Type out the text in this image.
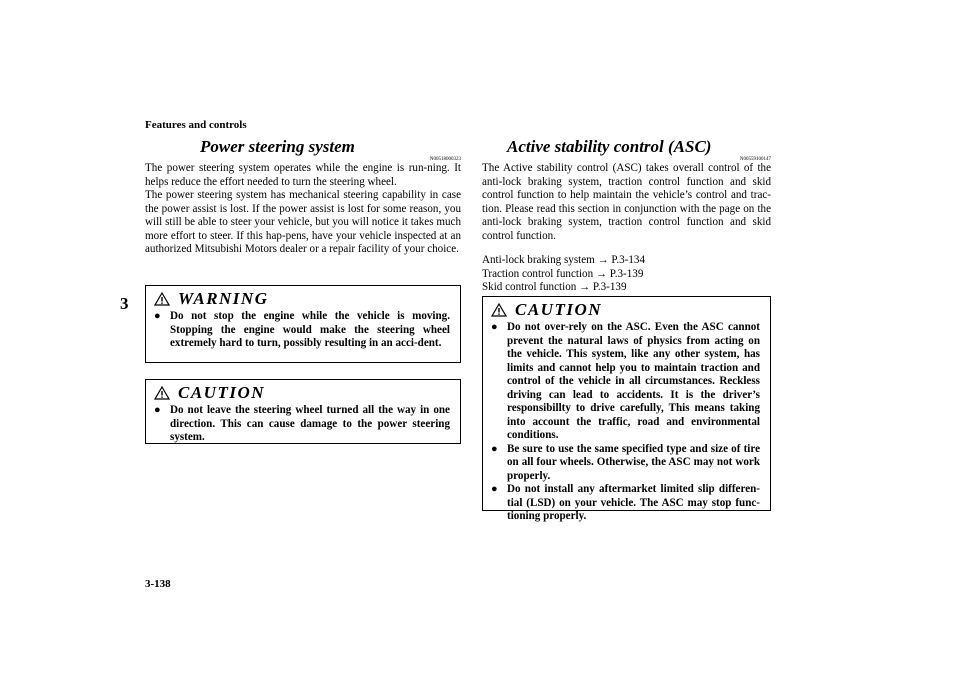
Features and controls
3
3-138
Power steering system
N00518000323
The power steering system operates while the engine is run-ning. It helps reduce the effort needed to turn the steering wheel.
The power steering system has mechanical steering capability in case the power assist is lost. If the power assist is lost for some reason, you will still be able to steer your vehicle, but you will notice it takes much more effort to steer. If this hap-pens, have your vehicle inspected at an authorized Mitsubishi Motors dealer or a repair facility of your choice.
WARNING
● Do not stop the engine while the vehicle is moving. Stopping the engine would make the steering wheel extremely hard to turn, possibly resulting in an acci-dent.
CAUTION
● Do not leave the steering wheel turned all the way in one direction. This can cause damage to the power steering system.
Active stability control (ASC)
N00559100147
The Active stability control (ASC) takes overall control of the anti-lock braking system, traction control function and skid control function to help maintain the vehicle’s control and trac-tion. Please read this section in conjunction with the page on the anti-lock braking system, traction control function and skid control function.
Anti-lock braking system → P.3-134
Traction control function → P.3-139
Skid control function → P.3-139
CAUTION
● Do not over-rely on the ASC. Even the ASC cannot prevent the natural laws of physics from acting on the vehicle. This system, like any other system, has limits and cannot help you to maintain traction and control of the vehicle in all circumstances. Reckless driving can lead to accidents. It is the driver’s responsibillty to drive carefully, This means taking into account the traffic, road and environmental conditions.
● Be sure to use the same specified type and size of tire on all four wheels. Otherwise, the ASC may not work properly.
● Do not install any aftermarket limited slip differen-tial (LSD) on your vehicle. The ASC may stop func-tioning properly.
